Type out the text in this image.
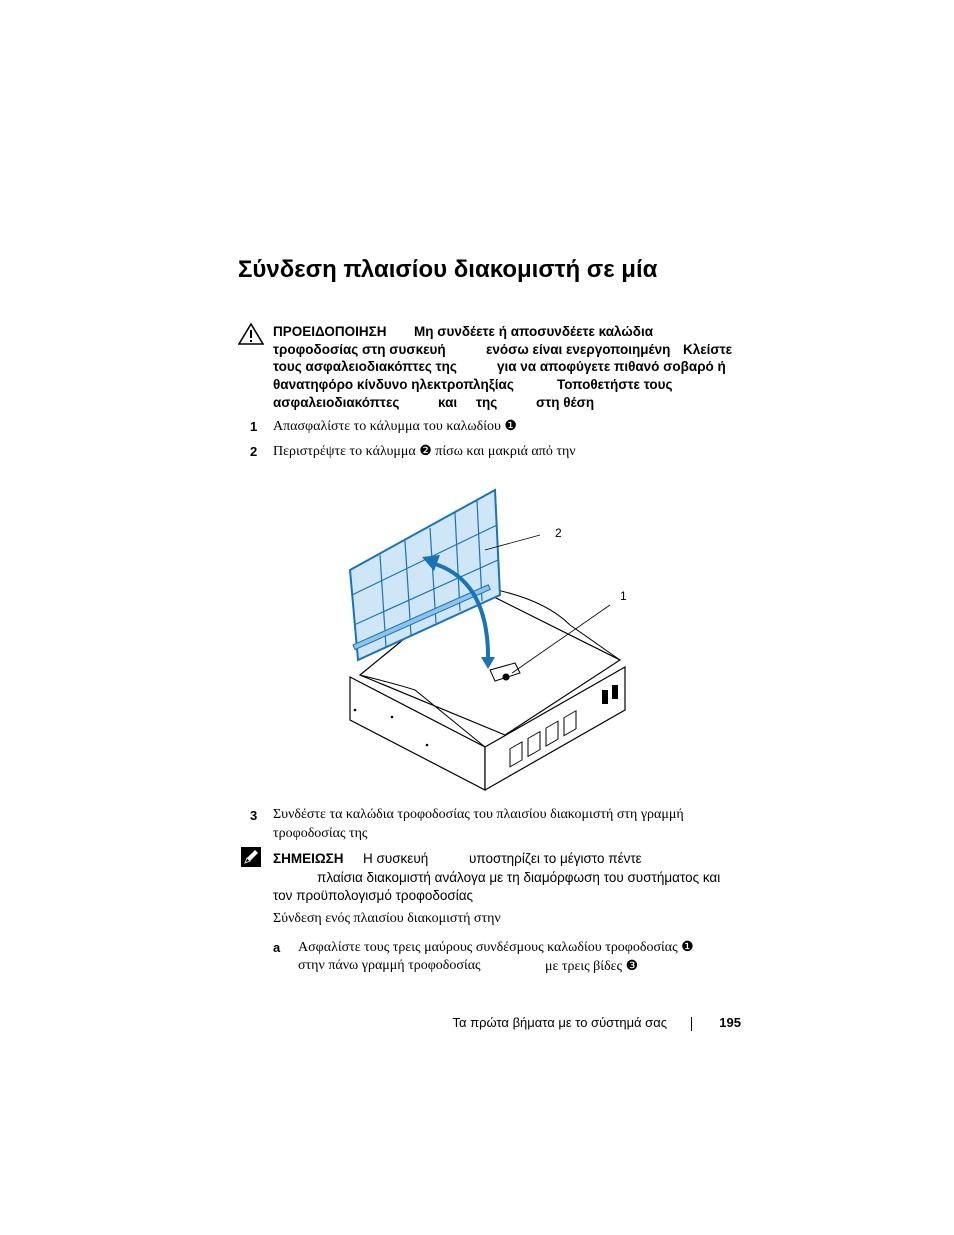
Σύνδεση πλαισίου διακομιστή σε μία
ΠΡΟΕΙΔΟΠΟΙΗΣΗ Μη συνδέετε ή αποσυνδέετε καλώδια
τροφοδοσίας στη συσκευή	ενόσω είναι ενεργοποιημένη Κλείστε
τους ασφαλειοδιακόπτες της	για να αποφύγετε πιθανό σοβαρό ή
θανατηφόρο κίνδυνο ηλεκτροπληξίας	Τοποθετήστε τους
ασφαλειοδιακόπτες	και της	στη θέση
1 Απασφαλίστε το κάλυμμα του καλωδίου ❶
2 Περιστρέψτε το κάλυμμα ❷ πίσω και μακριά από την
2
1
3 Συνδέστε τα καλώδια τροφοδοσίας του πλαισίου διακομιστή στη γραμμή
τροφοδοσίας της
ΣΗΜΕΙΩΣΗ Η συσκευή	υποστηρίζει το μέγιστο πέντε
πλαίσια διακομιστή ανάλογα με τη διαμόρφωση του συστήματος και
τον προϋπολογισμό τροφοδοσίας
Σύνδεση ενός πλαισίου διακομιστή στην
a Ασφαλίστε τους τρεις μαύρους συνδέσμους καλωδίου τροφοδοσίας ❶
στην πάνω γραμμή τροφοδοσίας	με τρεις βίδες ❸
Τα πρώτα βήματα με το σύστημά σας	195
